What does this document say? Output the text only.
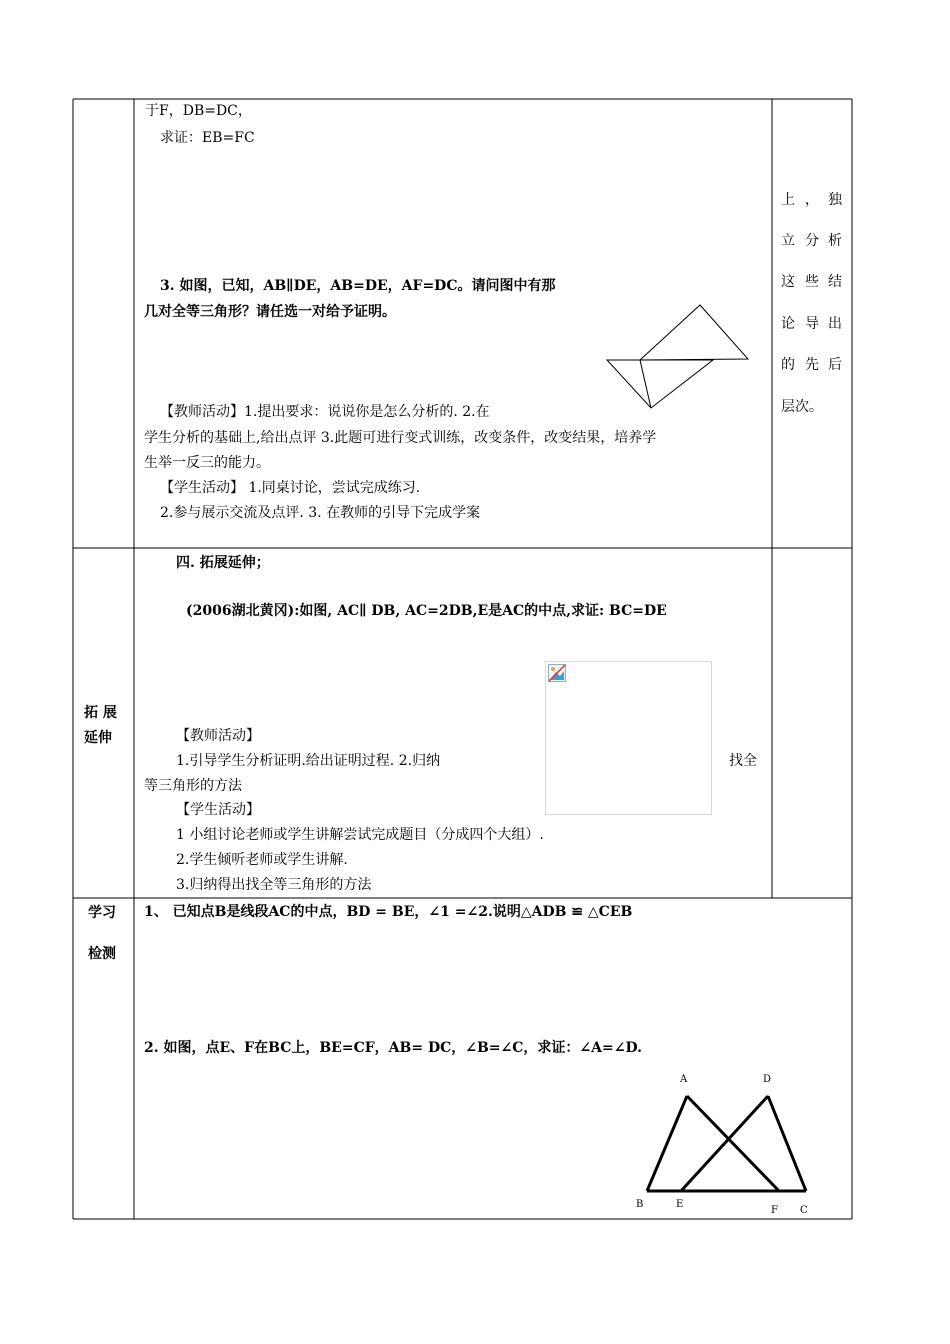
于F，DB=DC，
求证：EB=FC
3. 如图，已知，AB∥DE，AB=DE，AF=DC。请问图中有那
几对全等三角形？请任选一对给予证明。
【教师活动】1.提出要求：说说你是怎么分析的. 2.在
学生分析的基础上,给出点评 3.此题可进行变式训练，改变条件，改变结果，培养学
生举一反三的能力。
【学生活动】 1.同桌讨论，尝试完成练习.
2.参与展示交流及点评. 3. 在教师的引导下完成学案
上 ， 独
立 分 析
这 些 结
论 导 出
的 先 后
层次。
拓 展
延伸
四. 拓展延伸；
(2006湖北黄冈):如图, AC∥ DB, AC=2DB,E是AC的中点,求证: BC=DE
【教师活动】
1.引导学生分析证明.给出证明过程. 2.归纳	找全
等三角形的方法
【学生活动】
1 小组讨论老师或学生讲解尝试完成题目（分成四个大组）.
2.学生倾听老师或学生讲解.
3.归纳得出找全等三角形的方法
学习
检测
1、 已知点B是线段AC的中点，BD = BE，∠1 =∠2.说明△ADB ≌ △CEB
2. 如图，点E、F在BC上，BE=CF，AB= DC，∠B=∠C，求证：∠A=∠D.
A	D
B	E
F C
